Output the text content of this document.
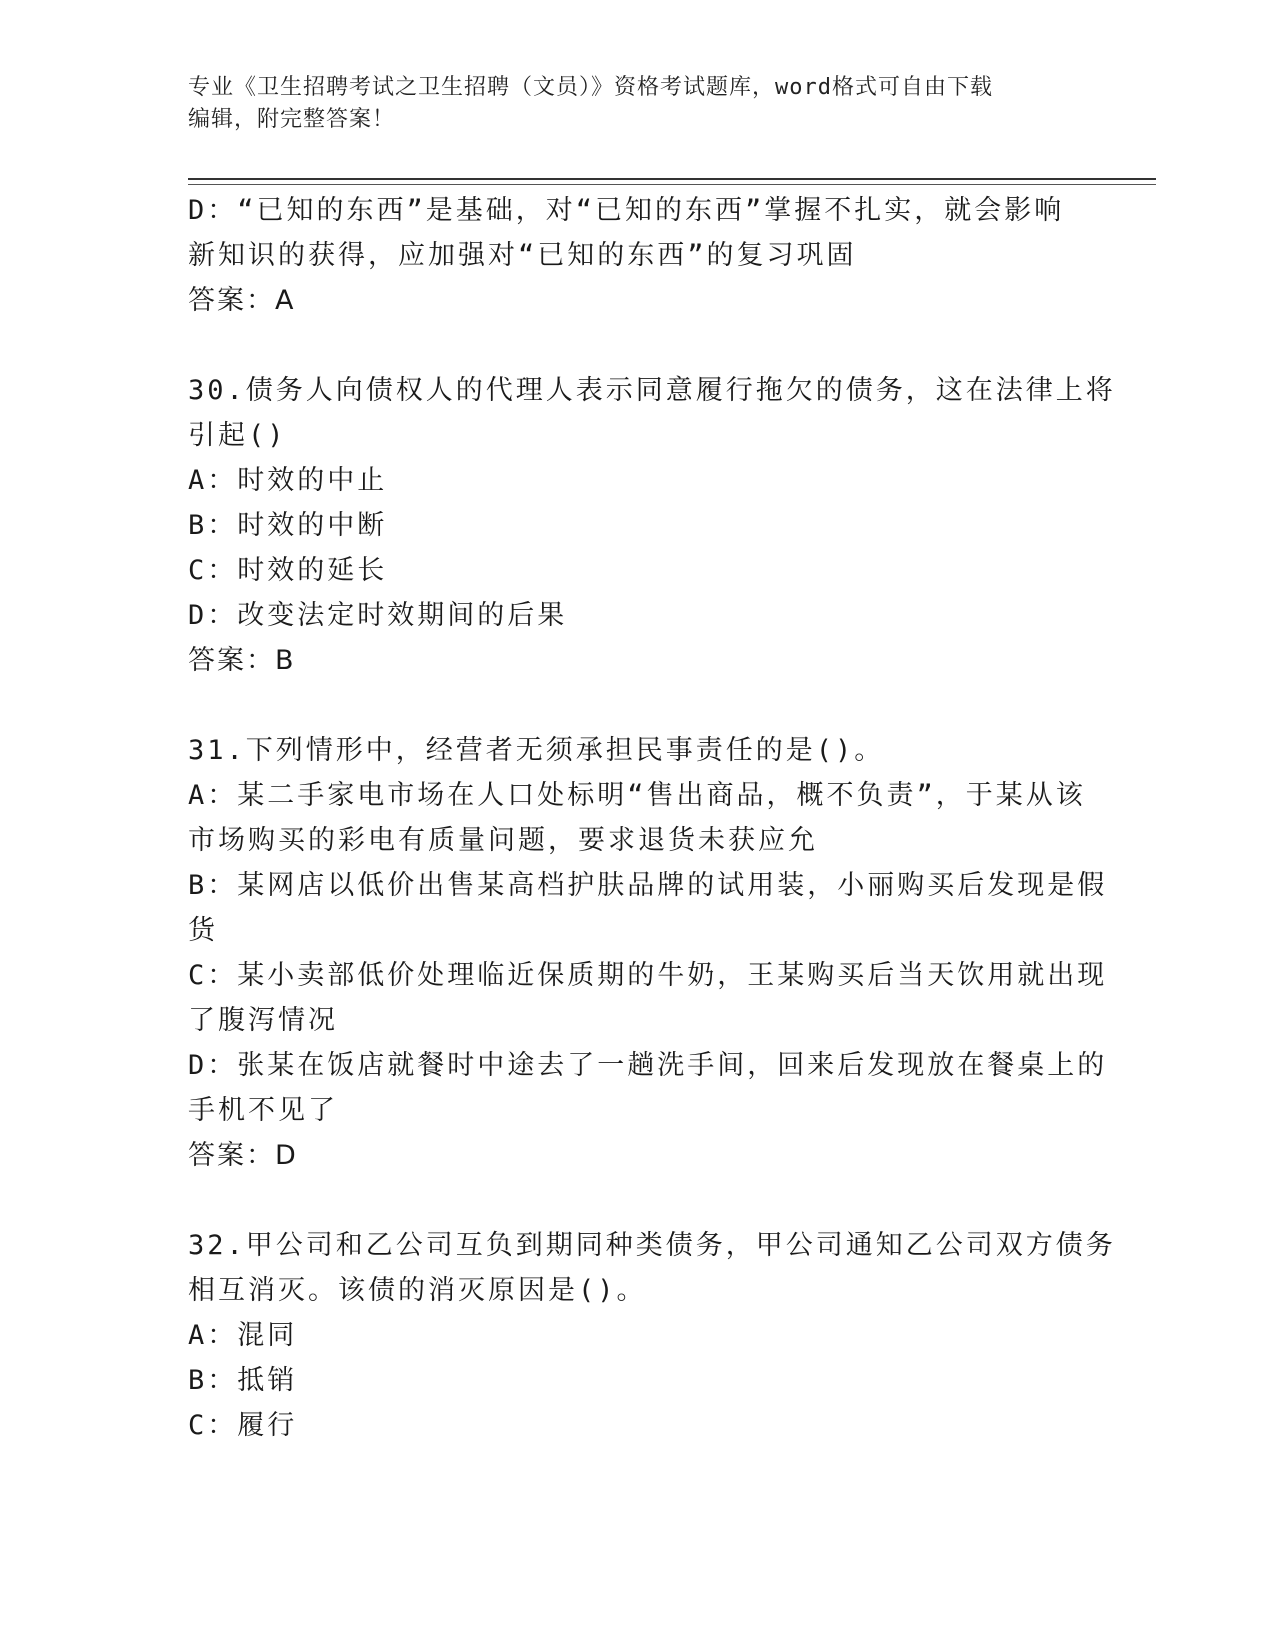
专业《卫生招聘考试之卫生招聘（文员）》资格考试题库，word格式可自由下载
编辑，附完整答案！
D：“已知的东西”是基础，对“已知的东西”掌握不扎实，就会影响
新知识的获得，应加强对“已知的东西”的复习巩固
答案：A
30.债务人向债权人的代理人表示同意履行拖欠的债务，这在法律上将
引起()
A：时效的中止
B：时效的中断
C：时效的延长
D：改变法定时效期间的后果
答案：B
31.下列情形中，经营者无须承担民事责任的是()。
A：某二手家电市场在人口处标明“售出商品，概不负责”，于某从该
市场购买的彩电有质量问题，要求退货未获应允
B：某网店以低价出售某高档护肤品牌的试用装，小丽购买后发现是假
货
C：某小卖部低价处理临近保质期的牛奶，王某购买后当天饮用就出现
了腹泻情况
D：张某在饭店就餐时中途去了一趟洗手间，回来后发现放在餐桌上的
手机不见了
答案：D
32.甲公司和乙公司互负到期同种类债务，甲公司通知乙公司双方债务
相互消灭。该债的消灭原因是()。
A：混同
B：抵销
C：履行
